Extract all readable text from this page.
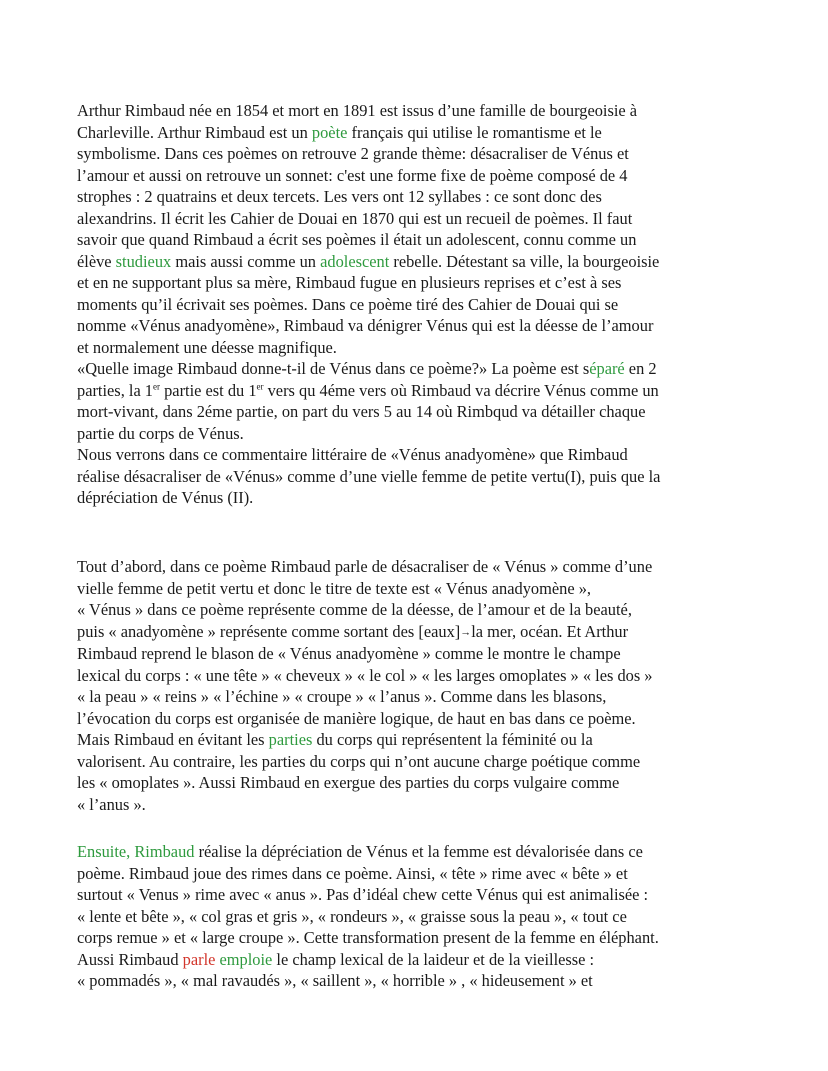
Arthur Rimbaud née en 1854 et mort en 1891 est issus d’une famille de bourgeoisie à
Charleville. Arthur Rimbaud est un poète français qui utilise le romantisme et le
symbolisme. Dans ces poèmes on retrouve 2 grande thème: désacraliser de Vénus et
l’amour et aussi on retrouve un sonnet: c'est une forme fixe de poème composé de 4
strophes : 2 quatrains et deux tercets. Les vers ont 12 syllabes : ce sont donc des
alexandrins. Il écrit les Cahier de Douai en 1870 qui est un recueil de poèmes. Il faut
savoir que quand Rimbaud a écrit ses poèmes il était un adolescent, connu comme un
élève studieux mais aussi comme un adolescent rebelle. Détestant sa ville, la bourgeoisie
et en ne supportant plus sa mère, Rimbaud fugue en plusieurs reprises et c’est à ses
moments qu’il écrivait ses poèmes. Dans ce poème tiré des Cahier de Douai qui se
nomme «Vénus anadyomène», Rimbaud va dénigrer Vénus qui est la déesse de l’amour
et normalement une déesse magnifique.
«Quelle image Rimbaud donne-t-il de Vénus dans ce poème?» La poème est séparé en 2
parties, la 1er partie est du 1er vers qu 4éme vers où Rimbaud va décrire Vénus comme un
mort-vivant, dans 2éme partie, on part du vers 5 au 14 où Rimbqud va détailler chaque
partie du corps de Vénus.
Nous verrons dans ce commentaire littéraire de «Vénus anadyomène» que Rimbaud
réalise désacraliser de «Vénus» comme d’une vielle femme de petite vertu(I), puis que la
dépréciation de Vénus (II).
Tout d’abord, dans ce poème Rimbaud parle de désacraliser de « Vénus » comme d’une
vielle femme de petit vertu et donc le titre de texte est « Vénus anadyomène »,
« Vénus » dans ce poème représente comme de la déesse, de l’amour et de la beauté,
puis « anadyomène » représente comme sortant des [eaux]→la mer, océan. Et Arthur
Rimbaud reprend le blason de « Vénus anadyomène » comme le montre le champe
lexical du corps : « une tête » « cheveux » « le col » « les larges omoplates » « les dos »
« la peau » « reins » « l’échine » « croupe » « l’anus ». Comme dans les blasons,
l’évocation du corps est organisée de manière logique, de haut en bas dans ce poème.
Mais Rimbaud en évitant les parties du corps qui représentent la féminité ou la
valorisent. Au contraire, les parties du corps qui n’ont aucune charge poétique comme
les « omoplates ». Aussi Rimbaud en exergue des parties du corps vulgaire comme
« l’anus ».
Ensuite, Rimbaud réalise la dépréciation de Vénus et la femme est dévalorisée dans ce
poème. Rimbaud joue des rimes dans ce poème. Ainsi, « tête » rime avec « bête » et
surtout « Venus » rime avec « anus ». Pas d’idéal chew cette Vénus qui est animalisée :
« lente et bête », « col gras et gris », « rondeurs », « graisse sous la peau », « tout ce
corps remue » et « large croupe ». Cette transformation present de la femme en éléphant.
Aussi Rimbaud parle emploie le champ lexical de la laideur et de la vieillesse :
« pommadés », « mal ravaudés », « saillent », « horrible » , « hideusement » et
